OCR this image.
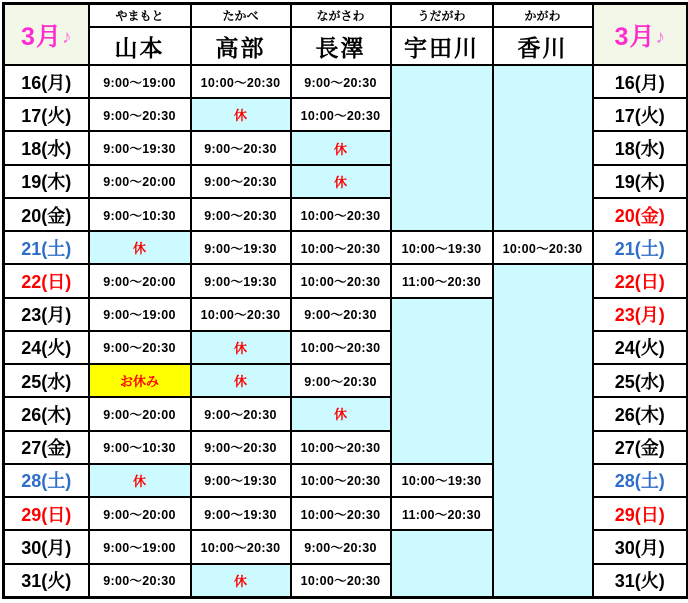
3月♪	やまもと	たかべ	ながさわ	うだがわ	かがわ	3月♪
	山本	高部	長澤	宇田川	香川	
16(月)	9:00～19:00	10:00～20:30	9:00～20:30			16(月)
17(火)	9:00～20:30	休	10:00～20:30			17(火)
18(水)	9:00～19:30	9:00～20:30	休			18(水)
19(木)	9:00～20:00	9:00～20:30	休			19(木)
20(金)	9:00～10:30	9:00～20:30	10:00～20:30			20(金)
21(土)	休	9:00～19:30	10:00～20:30	10:00～19:30	10:00～20:30	21(土)
22(日)	9:00～20:00	9:00～19:30	10:00～20:30	11:00～20:30		22(日)
23(月)	9:00～19:00	10:00～20:30	9:00～20:30			23(月)
24(火)	9:00～20:30	休	10:00～20:30			24(火)
25(水)	お休み	休	9:00～20:30			25(水)
26(木)	9:00～20:00	9:00～20:30	休			26(木)
27(金)	9:00～10:30	9:00～20:30	10:00～20:30			27(金)
28(土)	休	9:00～19:30	10:00～20:30	10:00～19:30		28(土)
29(日)	9:00～20:00	9:00～19:30	10:00～20:30	11:00～20:30		29(日)
30(月)	9:00～19:00	10:00～20:30	9:00～20:30			30(月)
31(火)	9:00～20:30	休	10:00～20:30			31(火)
